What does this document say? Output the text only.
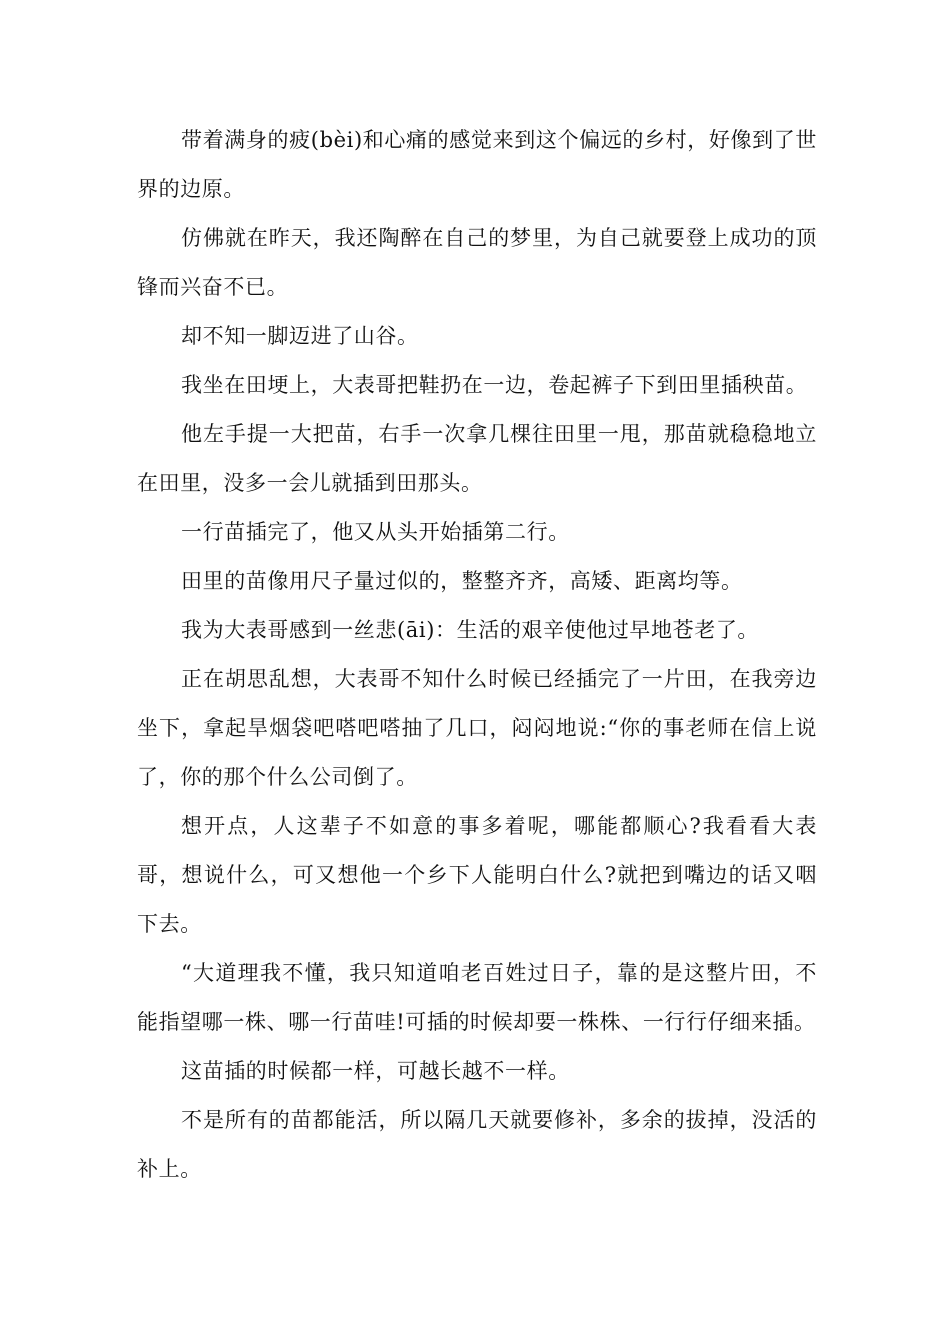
带着满身的疲(bèi)和心痛的感觉来到这个偏远的乡村，好像到了世界的边原。

仿佛就在昨天，我还陶醉在自己的梦里，为自己就要登上成功的顶锋而兴奋不已。

却不知一脚迈进了山谷。

我坐在田埂上，大表哥把鞋扔在一边，卷起裤子下到田里插秧苗。

他左手提一大把苗，右手一次拿几棵往田里一甩，那苗就稳稳地立在田里，没多一会儿就插到田那头。

一行苗插完了，他又从头开始插第二行。

田里的苗像用尺子量过似的，整整齐齐，高矮、距离均等。

我为大表哥感到一丝悲(āi)：生活的艰辛使他过早地苍老了。

正在胡思乱想，大表哥不知什么时候已经插完了一片田，在我旁边坐下，拿起旱烟袋吧嗒吧嗒抽了几口，闷闷地说:“你的事老师在信上说了，你的那个什么公司倒了。

想开点，人这辈子不如意的事多着呢，哪能都顺心?我看看大表哥，想说什么，可又想他一个乡下人能明白什么?就把到嘴边的话又咽下去。

“大道理我不懂，我只知道咱老百姓过日子，靠的是这整片田，不能指望哪一株、哪一行苗哇!可插的时候却要一株株、一行行仔细来插。

这苗插的时候都一样，可越长越不一样。

不是所有的苗都能活，所以隔几天就要修补，多余的拔掉，没活的补上。
